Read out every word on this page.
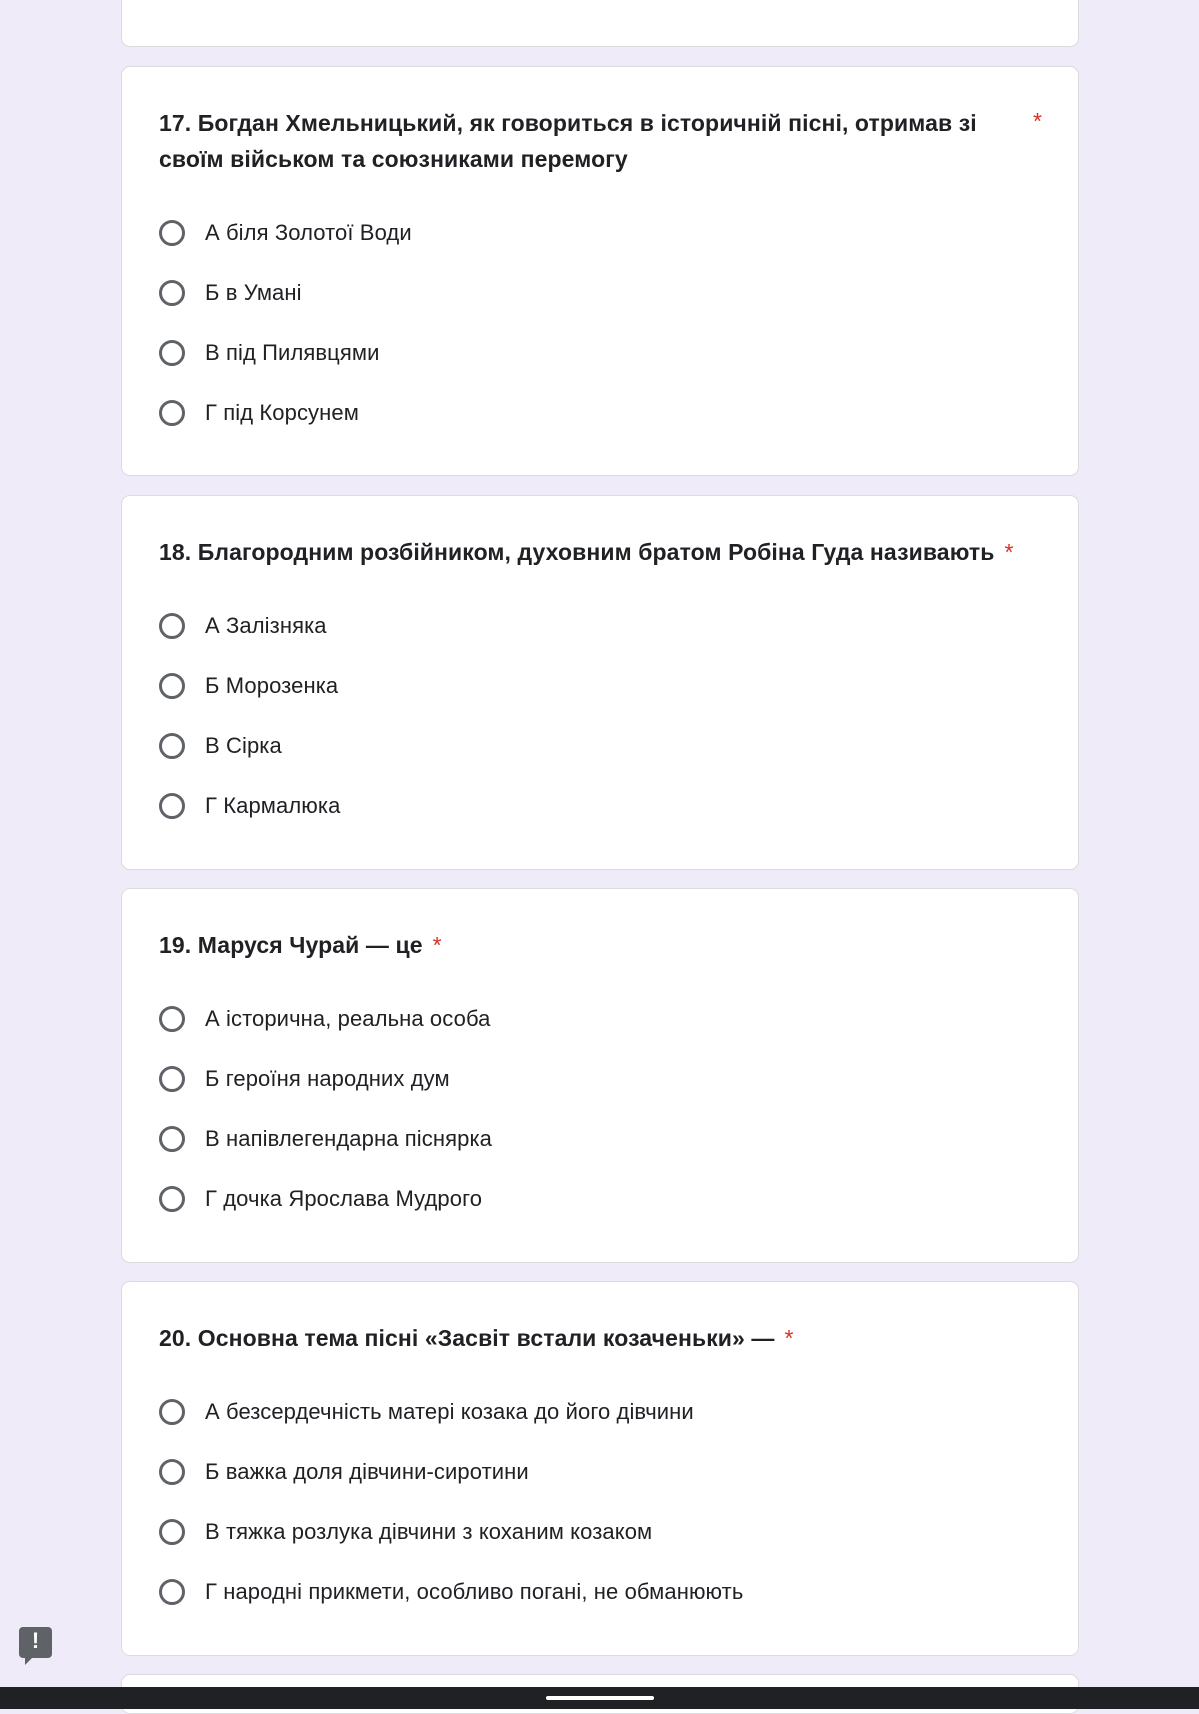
17. Богдан Хмельницький, як говориться в історичній пісні, отримав зі своїм військом та союзниками перемогу
*
А біля Золотої Води
Б в Умані
В під Пилявцями
Г під Корсунем
18. Благородним розбійником, духовним братом Робіна Гуда називають *
А Залізняка
Б Морозенка
В Сірка
Г Кармалюка
19. Маруся Чурай — це *
А історична, реальна особа
Б героїня народних дум
В напівлегендарна піснярка
Г дочка Ярослава Мудрого
20. Основна тема пісні «Засвіт встали козаченьки» — *
А безсердечність матері козака до його дівчини
Б важка доля дівчини-сиротини
В тяжка розлука дівчини з коханим козаком
Г народні прикмети, особливо погані, не обманюють
!
